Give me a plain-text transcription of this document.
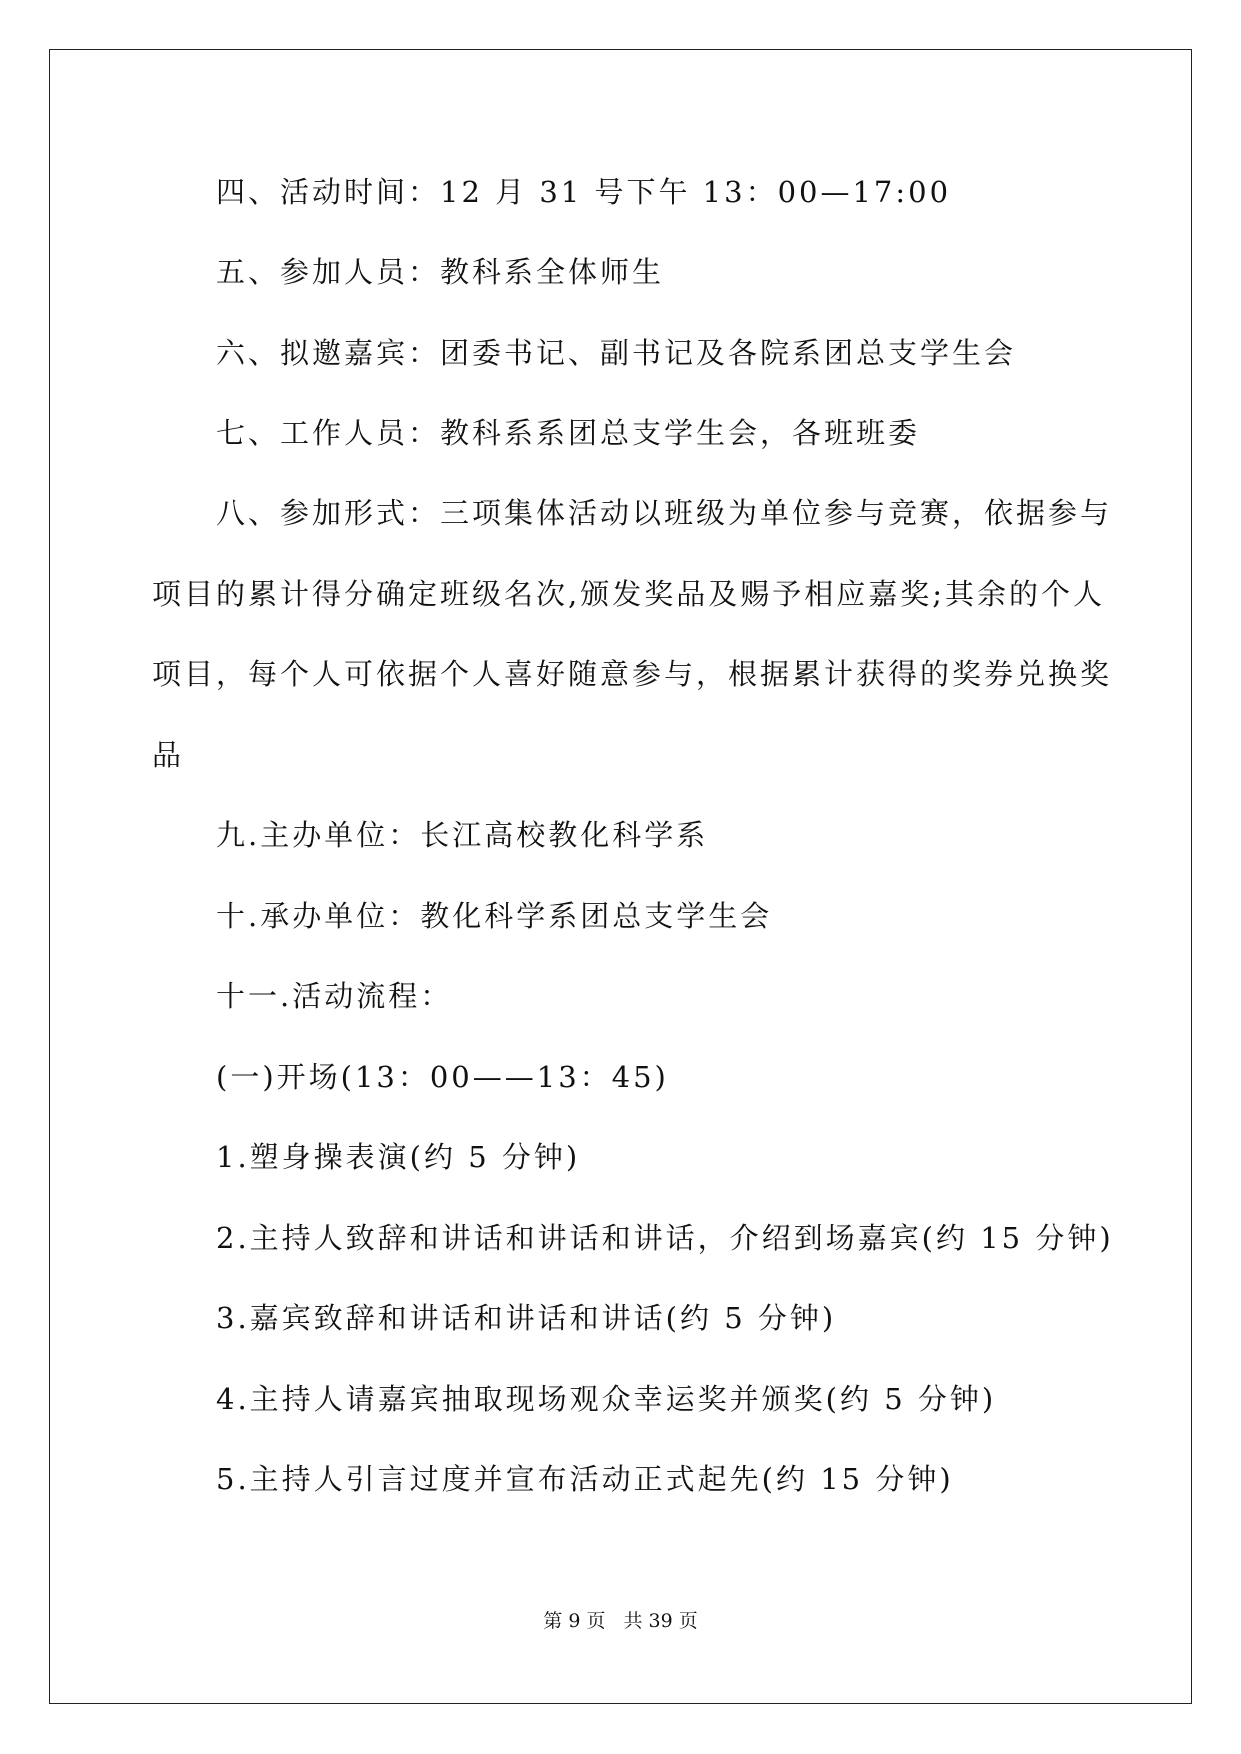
四、活动时间：12 月 31 号下午 13：00—17:00
五、参加人员：教科系全体师生
六、拟邀嘉宾：团委书记、副书记及各院系团总支学生会
七、工作人员：教科系系团总支学生会，各班班委
八、参加形式：三项集体活动以班级为单位参与竞赛，依据参与
项目的累计得分确定班级名次,颁发奖品及赐予相应嘉奖;其余的个人
项目，每个人可依据个人喜好随意参与，根据累计获得的奖券兑换奖
品
九.主办单位：长江高校教化科学系
十.承办单位：教化科学系团总支学生会
十一.活动流程：
(一)开场(13：00——13：45)
1.塑身操表演(约 5 分钟)
2.主持人致辞和讲话和讲话和讲话，介绍到场嘉宾(约 15 分钟)
3.嘉宾致辞和讲话和讲话和讲话(约 5 分钟)
4.主持人请嘉宾抽取现场观众幸运奖并颁奖(约 5 分钟)
5.主持人引言过度并宣布活动正式起先(约 15 分钟)
第 9 页 共 39 页
